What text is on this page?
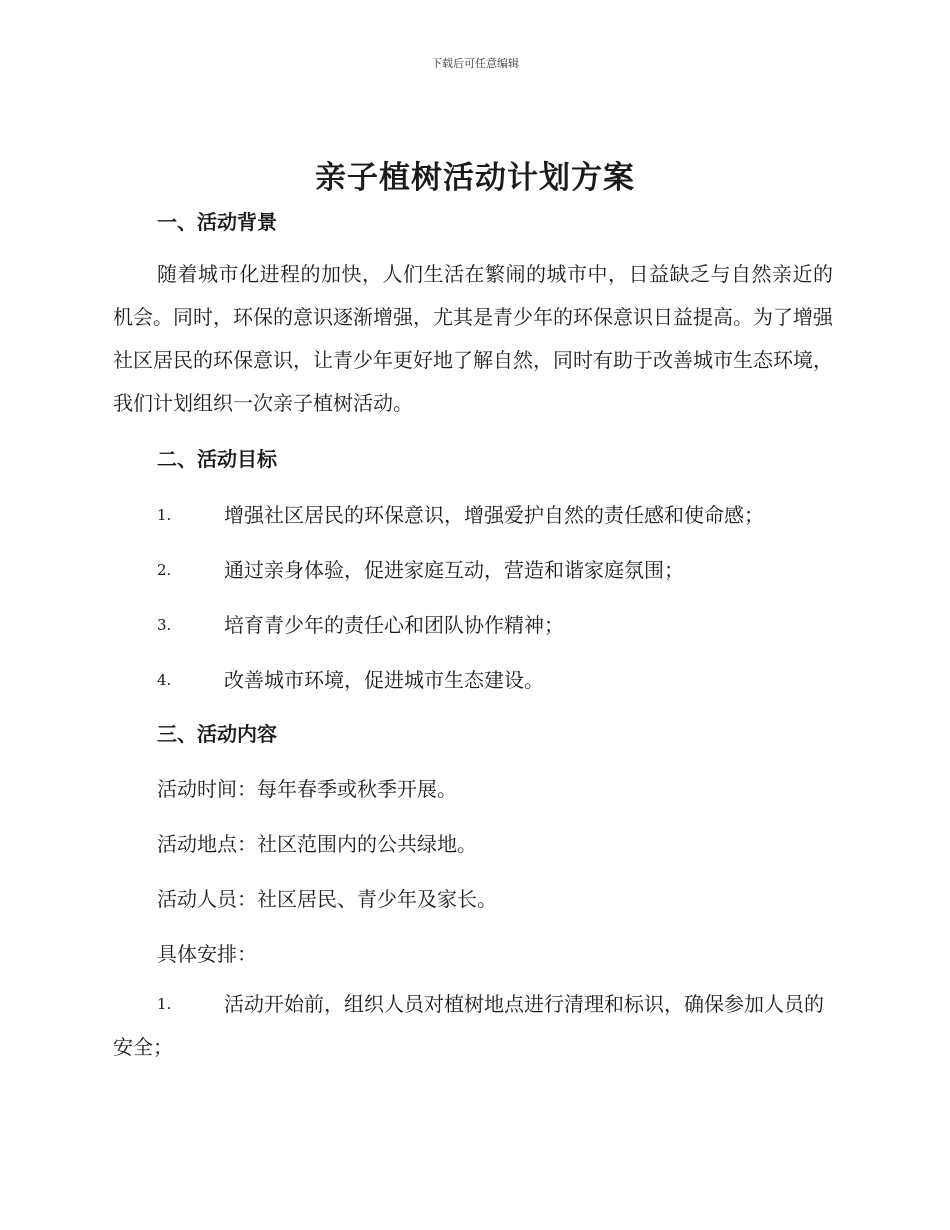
下载后可任意编辑
亲子植树活动计划方案
一、活动背景

随着城市化进程的加快，人们生活在繁闹的城市中，日益缺乏与自然亲近的机会。同时，环保的意识逐渐增强，尤其是青少年的环保意识日益提高。为了增强社区居民的环保意识，让青少年更好地了解自然，同时有助于改善城市生态环境，我们计划组织一次亲子植树活动。

二、活动目标
1.	增强社区居民的环保意识，增强爱护自然的责任感和使命感；
2.	通过亲身体验，促进家庭互动，营造和谐家庭氛围；
3.	培育青少年的责任心和团队协作精神；
4.	改善城市环境，促进城市生态建设。
三、活动内容

活动时间：每年春季或秋季开展。

活动地点：社区范围内的公共绿地。

活动人员：社区居民、青少年及家长。

具体安排：

1.	活动开始前，组织人员对植树地点进行清理和标识，确保参加人员的安全；
